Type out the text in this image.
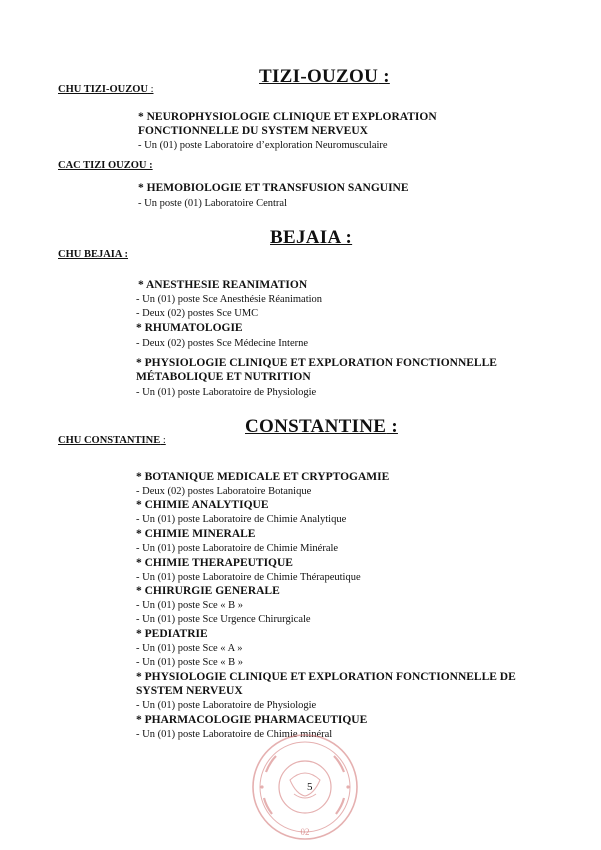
TIZI-OUZOU :
CHU TIZI-OUZOU :
* NEUROPHYSIOLOGIE CLINIQUE ET EXPLORATION
FONCTIONNELLE DU SYSTEM NERVEUX
- Un (01) poste Laboratoire d’exploration Neuromusculaire
CAC TIZI OUZOU :
* HEMOBIOLOGIE ET TRANSFUSION SANGUINE
- Un poste (01) Laboratoire Central
BEJAIA :
CHU BEJAIA :
* ANESTHESIE REANIMATION
- Un (01) poste Sce Anesthésie Réanimation
- Deux (02) postes Sce UMC
* RHUMATOLOGIE
- Deux (02) postes Sce Médecine Interne
* PHYSIOLOGIE CLINIQUE ET EXPLORATION FONCTIONNELLE
MÉTABOLIQUE ET NUTRITION
- Un (01) poste Laboratoire de Physiologie
CONSTANTINE :
CHU CONSTANTINE :
* BOTANIQUE MEDICALE ET CRYPTOGAMIE
- Deux (02) postes Laboratoire Botanique
* CHIMIE ANALYTIQUE
- Un (01) poste Laboratoire de Chimie Analytique
* CHIMIE MINERALE
- Un (01) poste Laboratoire de Chimie Minérale
* CHIMIE THERAPEUTIQUE
- Un (01) poste Laboratoire de Chimie Thérapeutique
* CHIRURGIE GENERALE
- Un (01) poste Sce « B »
- Un (01) poste Sce Urgence Chirurgicale
* PEDIATRIE
- Un (01) poste Sce « A »
- Un (01) poste Sce « B »
* PHYSIOLOGIE CLINIQUE ET EXPLORATION FONCTIONNELLE DE
SYSTEM NERVEUX
- Un (01) poste Laboratoire de Physiologie
* PHARMACOLOGIE PHARMACEUTIQUE
- Un (01) poste Laboratoire de Chimie minéral
02
5
